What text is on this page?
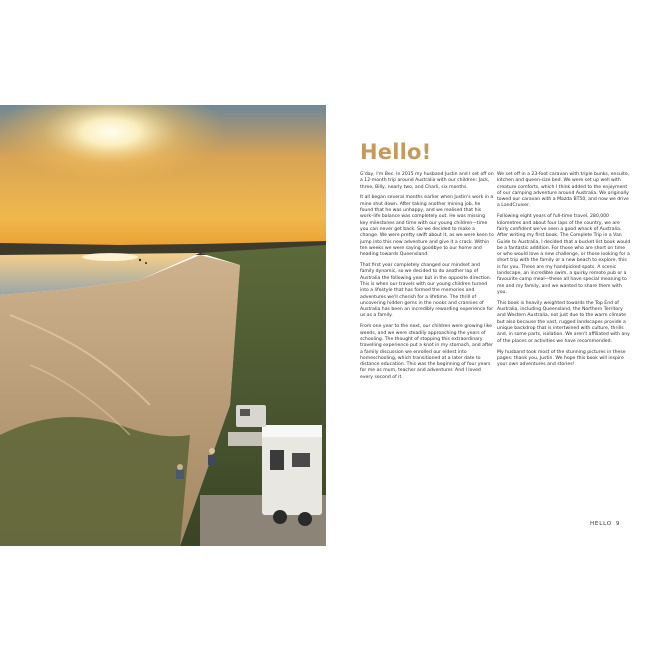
Hello!

G'day, I'm Bec. In 2015 my husband Justin and I set off on a 12-month trip around Australia with our children: Jack, three, Billy, nearly two, and Charli, six months.

It all began several months earlier when Justin's work in a mine shut down. After taking another mining job, he found that he was unhappy, and we realised that his work–life balance was completely out. He was missing key milestones and time with our young children—time you can never get back. So we decided to make a change. We were pretty swift about it, as we were keen to jump into this new adventure and give it a crack. Within ten weeks we were saying goodbye to our home and heading towards Queensland.

That first year completely changed our mindset and family dynamic, so we decided to do another lap of Australia the following year but in the opposite direction. This is when our travels with our young children turned into a lifestyle that has formed the memories and adventures we'll cherish for a lifetime. The thrill of uncovering hidden gems in the nooks and crannies of Australia has been an incredibly rewarding experience for us as a family.

From one year to the next, our children were growing like weeds, and we were steadily approaching the years of schooling. The thought of stopping this extraordinary travelling experience put a knot in my stomach, and after a family discussion we enrolled our eldest into homeschooling, which transitioned at a later date to distance education. This was the beginning of four years for me as mum, teacher and adventurer. And I loved every second of it.

We set off in a 23-foot caravan with triple bunks, ensuite, kitchen and queen-size bed. We were set up well with creature comforts, which I think added to the enjoyment of our camping adventure around Australia. We originally towed our caravan with a Mazda BT50, and now we drive a LandCruiser.

Following eight years of full-time travel, 280,000 kilometres and about four laps of the country, we are fairly confident we've seen a good whack of Australia. After writing my first book, The Complete Trip in a Van Guide to Australia, I decided that a bucket list book would be a fantastic addition. For those who are short on time or who would love a new challenge, or those looking for a short trip with the family or a new beach to explore, this is for you. These are my handpicked spots. A scenic landscape, an incredible swim, a quirky remote pub or a favourite camp meal—these all have special meaning to me and my family, and we wanted to share them with you.

This book is heavily weighted towards the Top End of Australia, including Queensland, the Northern Territory and Western Australia, not just due to the warm climate but also because the vast, rugged landscapes provide a unique backdrop that is intertwined with culture, thrills and, in some parts, isolation. We aren't affiliated with any of the places or activities we have recommended.

My husband took most of the stunning pictures in these pages: thank you, Justin. We hope this book will inspire your own adventures and stories!

HELLO 9
